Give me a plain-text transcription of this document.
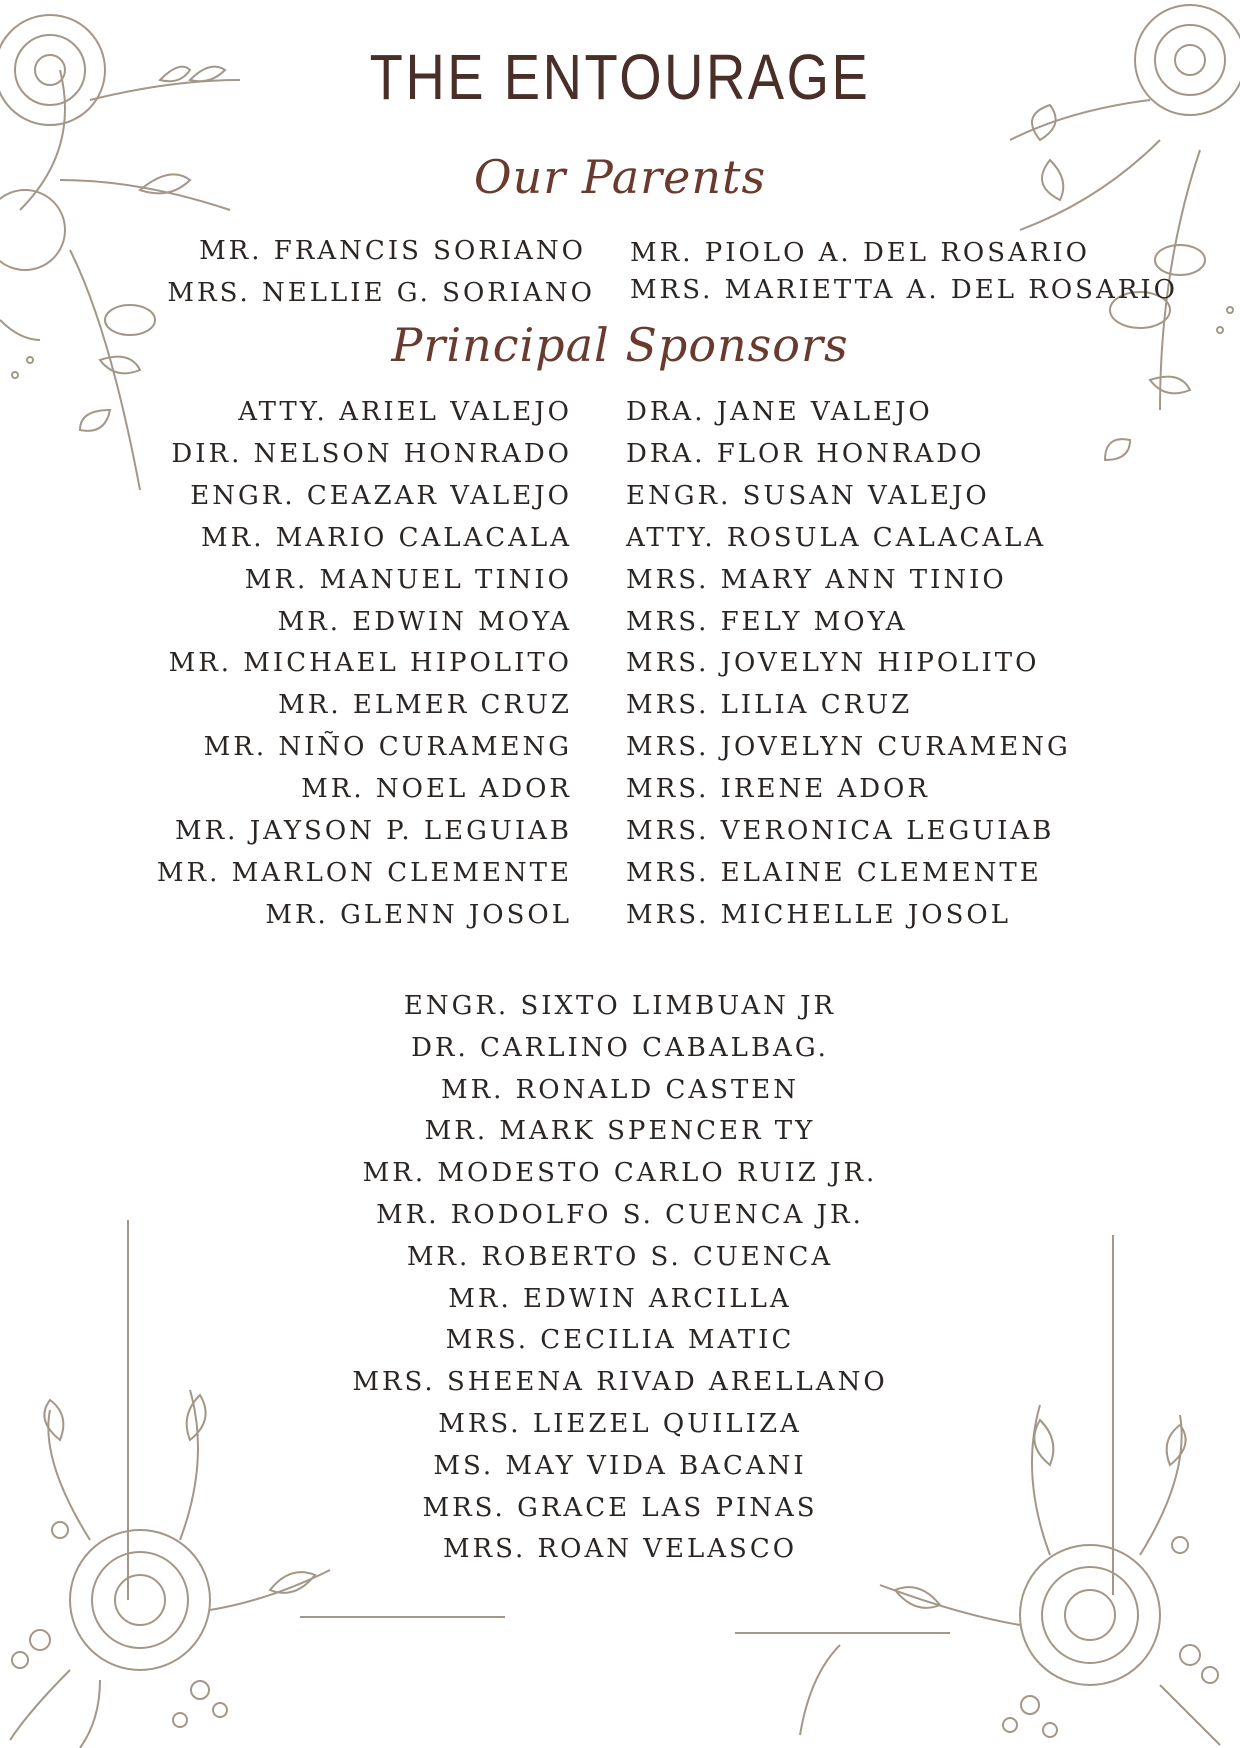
THE ENTOURAGE
Our Parents
MR. FRANCIS SORIANO
MRS. NELLIE G. SORIANO
MR. PIOLO A. DEL ROSARIO
MRS. MARIETTA A. DEL ROSARIO
Principal Sponsors
ATTY. ARIEL VALEJO
DIR. NELSON HONRADO
ENGR. CEAZAR VALEJO
MR. MARIO CALACALA
MR. MANUEL TINIO
MR. EDWIN MOYA
MR. MICHAEL HIPOLITO
MR. ELMER CRUZ
MR. NIÑO CURAMENG
MR. NOEL ADOR
MR. JAYSON P. LEGUIAB
MR. MARLON CLEMENTE
MR. GLENN JOSOL
DRA. JANE VALEJO
DRA. FLOR HONRADO
ENGR. SUSAN VALEJO
ATTY. ROSULA CALACALA
MRS. MARY ANN TINIO
MRS. FELY MOYA
MRS. JOVELYN HIPOLITO
MRS. LILIA CRUZ
MRS. JOVELYN CURAMENG
MRS. IRENE ADOR
MRS. VERONICA LEGUIAB
MRS. ELAINE CLEMENTE
MRS. MICHELLE JOSOL
ENGR. SIXTO LIMBUAN JR
DR. CARLINO CABALBAG.
MR. RONALD CASTEN
MR. MARK SPENCER TY
MR. MODESTO CARLO RUIZ JR.
MR. RODOLFO S. CUENCA JR.
MR. ROBERTO S. CUENCA
MR. EDWIN ARCILLA
MRS. CECILIA MATIC
MRS. SHEENA RIVAD ARELLANO
MRS. LIEZEL QUILIZA
MS. MAY VIDA BACANI
MRS. GRACE LAS PINAS
MRS. ROAN VELASCO
